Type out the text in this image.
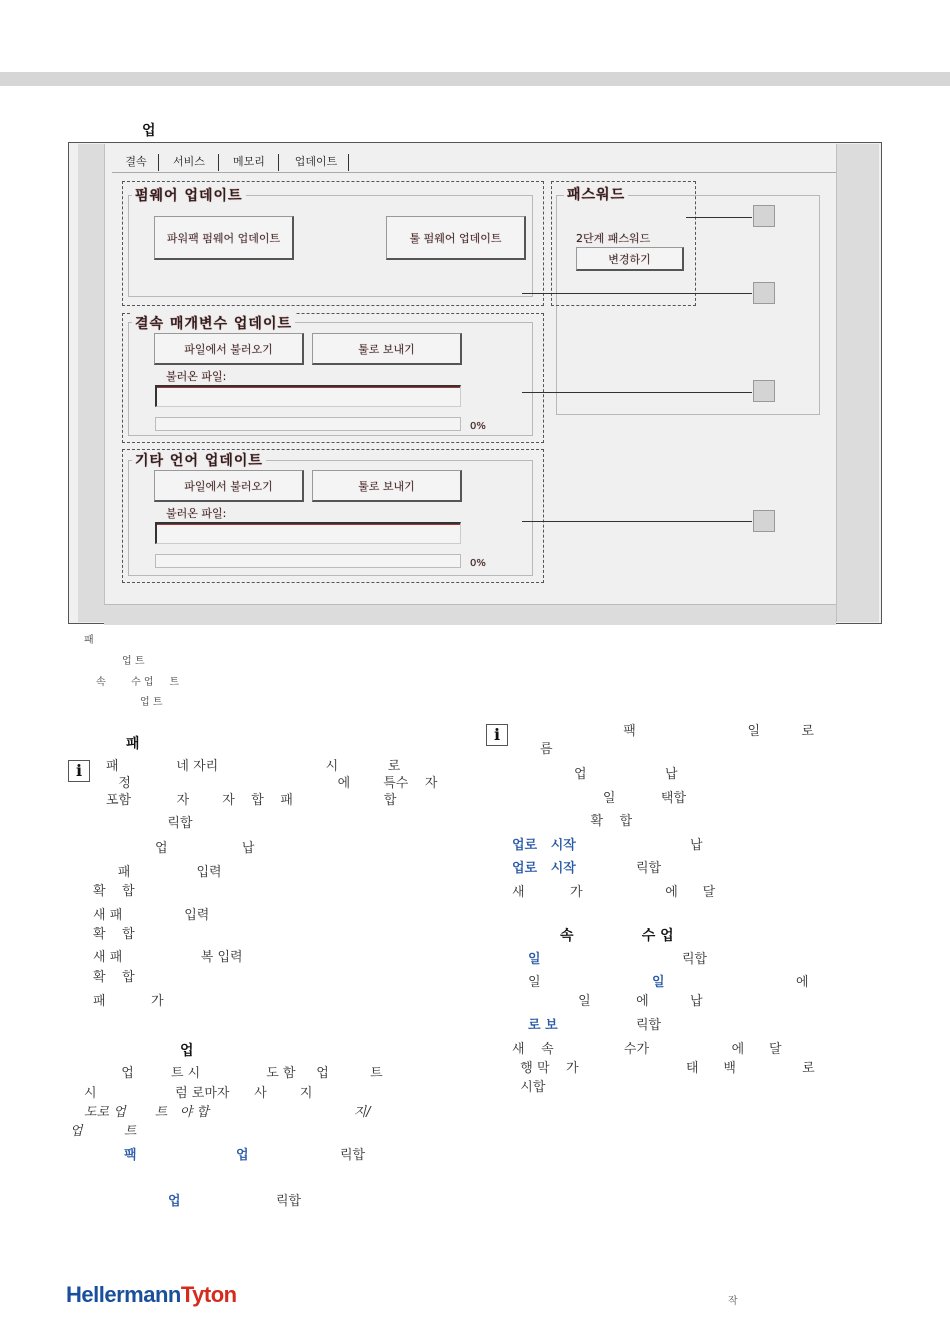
업
결속	서비스	메모리	업데이트
펌웨어 업데이트
파워팩 펌웨어 업데이트	툴 펌웨어 업데이트
패스워드
2단계 패스워드
변경하기
결속 매개변수 업데이트
파일에서 불러오기	툴로 보내기
불러온 파일:
0%
기타 언어 업데이트
파일에서 불러오기	툴로 보내기
불러온 파일:
0%
패
업 트
속        수 업     트
업 트
패
i	패              네 자리                          시            로
정                                                  에        특수    자
포함           자        자    합    패                      합
릭합
업                  납
패                입력
확    합
새 패               입력
확    합
새 패                   복 입력
확    합
패           가
업
업         트 시                도 함     업          트
시                   럼 로마자      사        지
도로 업       트   야 합                                   지/
업          트
팩	업	릭합
업	릭합
i	팩                           일          로
름
업                   납
일           택합
확    합
업로   시작	납
업로   시작	릭합
새           가                    에      달
속              수 업
일	릭합
일	일	에
일           에          납
로 보	릭합
새    속                 수가                    에      달
행 막    가                          태      백                로
시합
HellermannTyton	작
